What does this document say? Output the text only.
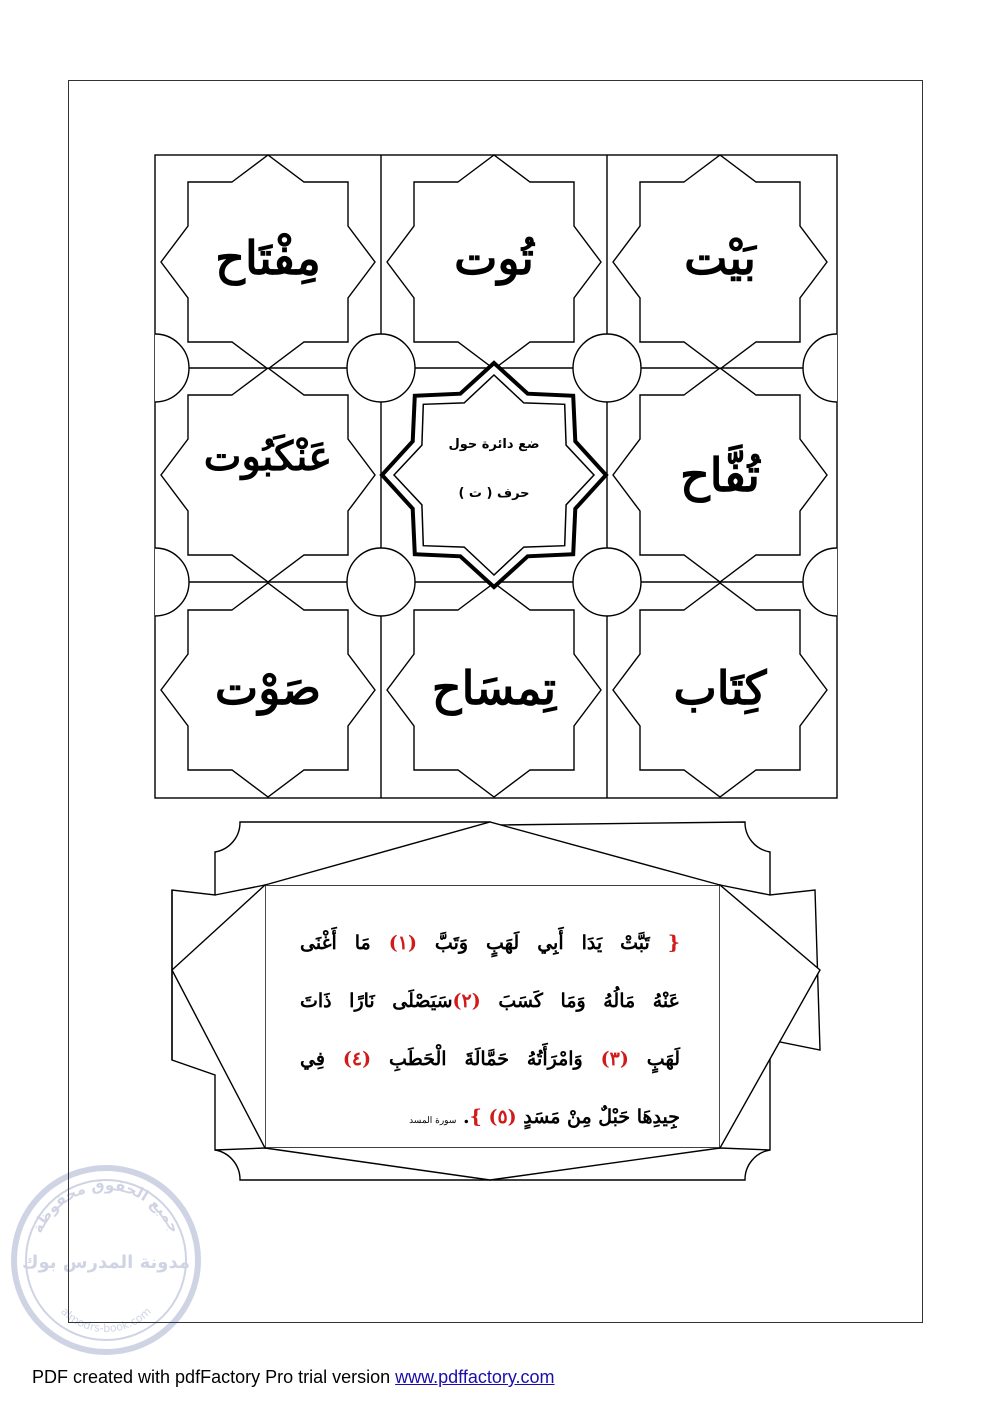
مِفْتَاح	تُوت	بَيْت
عَنْكَبُوت	تُفَّاح
صَوْت	تِمسَاح	كِتَاب
ضع دائرة حول
حرف ( ت )
{ تَبَّتْ يَدَا أَبِي لَهَبٍ وَتَبَّ (١) مَا أَغْنَى
عَنْهُ مَالُهُ وَمَا كَسَبَ (٢)سَيَصْلَى نَارًا ذَاتَ
لَهَبٍ (٣) وَامْرَأَتُهُ حَمَّالَةَ الْحَطَبِ (٤) فِي
جِيدِهَا حَبْلٌ مِنْ مَسَدٍ (٥) }. سورة المسد
جميع الحقوق محفوظة
مدونة المدرس بوك
almodrs-book.com
PDF created with pdfFactory Pro trial version www.pdffactory.com
